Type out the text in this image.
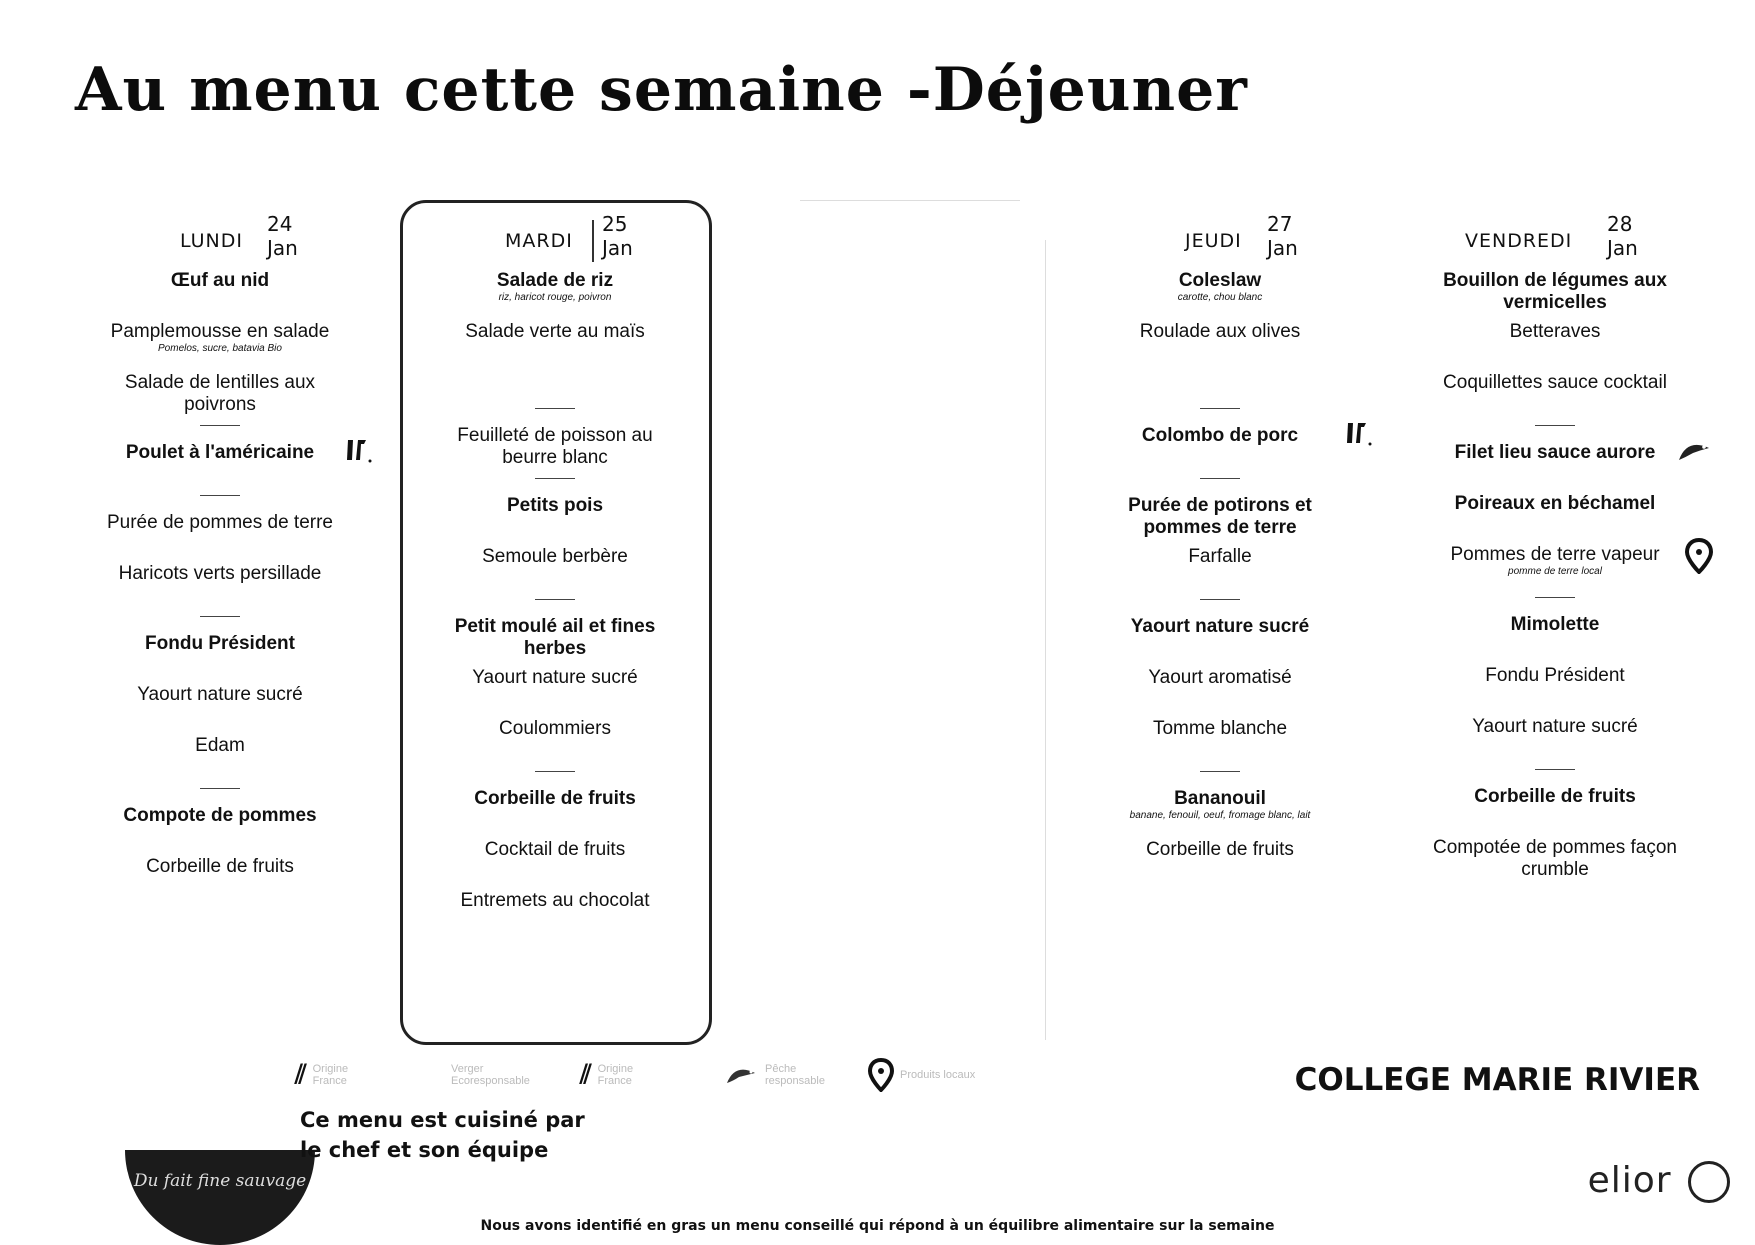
Au menu cette semaine -Déjeuner
LUNDI
24
Jan
Œuf au nid
Pamplemousse en salade
Pomelos, sucre, batavia Bio
Salade de lentilles aux poivrons
Poulet à l'américaine
Purée de pommes de terre
Haricots verts persillade
Fondu Président
Yaourt nature sucré
Edam
Compote de pommes
Corbeille de fruits
MARDI
25
Jan
Salade de riz
riz, haricot rouge, poivron
Salade verte au maïs
Feuilleté de poisson au beurre blanc
Petits pois
Semoule berbère
Petit moulé ail et fines herbes
Yaourt nature sucré
Coulommiers
Corbeille de fruits
Cocktail de fruits
Entremets au chocolat
JEUDI
27
Jan
Coleslaw
carotte, chou blanc
Roulade aux olives
Colombo de porc
Purée de potirons et pommes de terre
Farfalle
Yaourt nature sucré
Yaourt aromatisé
Tomme blanche
Bananouil
banane, fenouil, oeuf, fromage blanc, lait
Corbeille de fruits
VENDREDI
28
Jan
Bouillon de légumes aux vermicelles
Betteraves
Coquillettes sauce cocktail
Filet lieu sauce aurore
Poireaux en béchamel
Pommes de terre vapeur
pomme de terre local
Mimolette
Fondu Président
Yaourt nature sucré
Corbeille de fruits
Compotée de pommes façon crumble
⫽ Origine France
Verger Ecoresponsable	⫽ Origine France
Pêche responsable	Produits locaux	COLLEGE MARIE RIVIER
Du fait fine sauvage
Ce menu est cuisiné par le chef et son équipe
elior
Nous avons identifié en gras un menu conseillé qui répond à un équilibre alimentaire sur la semaine
